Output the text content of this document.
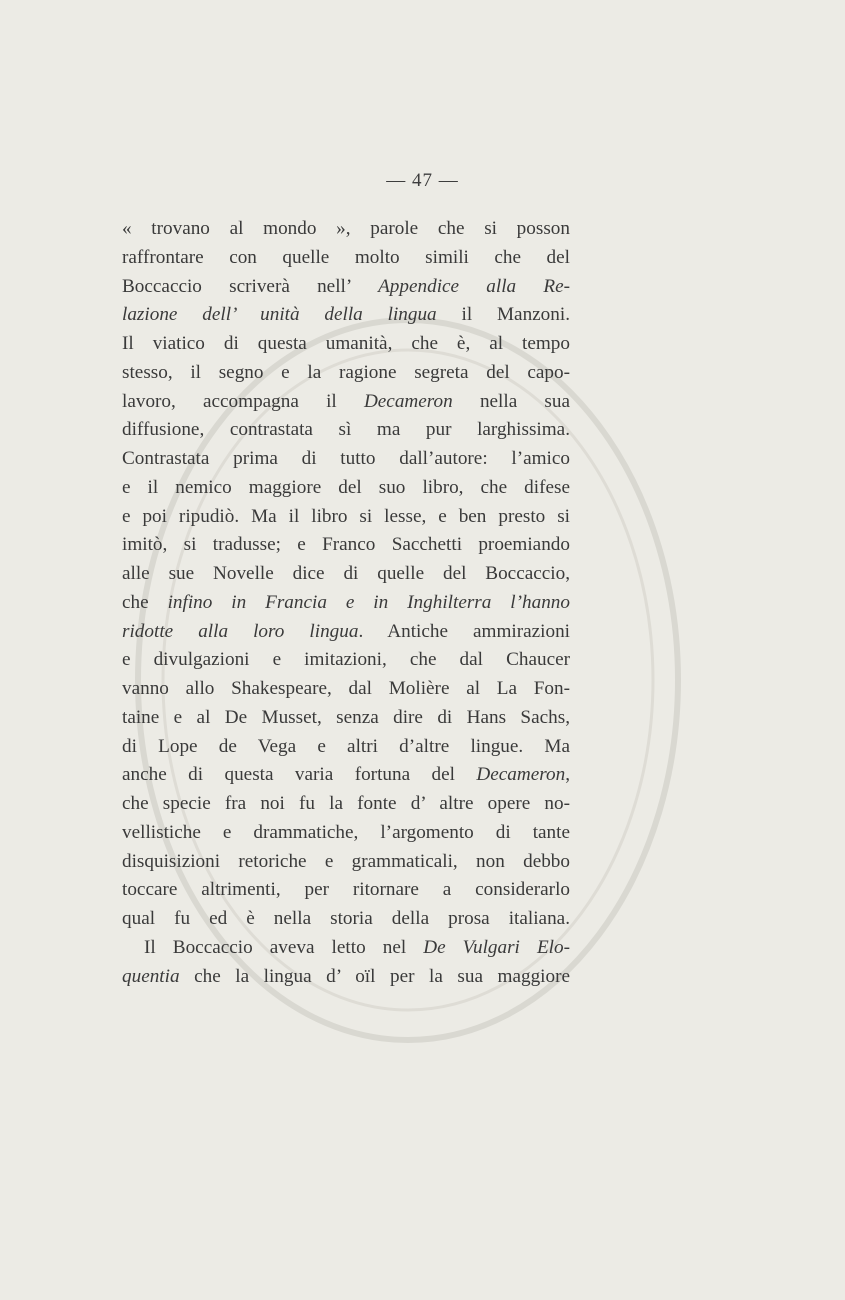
— 47 —
« trovano al mondo », parole che si posson
raffrontare con quelle molto simili che del
Boccaccio scriverà nell’ Appendice alla Re-
lazione dell’ unità della lingua il Manzoni.
Il viatico di questa umanità, che è, al tempo
stesso, il segno e la ragione segreta del capo-
lavoro, accompagna il Decameron nella sua
diffusione, contrastata sì ma pur larghissima.
Contrastata prima di tutto dall’autore: l’amico
e il nemico maggiore del suo libro, che difese
e poi ripudiò. Ma il libro si lesse, e ben presto si
imitò, si tradusse; e Franco Sacchetti proemiando
alle sue Novelle dice di quelle del Boccaccio,
che infino in Francia e in Inghilterra l’hanno
ridotte alla loro lingua. Antiche ammirazioni
e divulgazioni e imitazioni, che dal Chaucer
vanno allo Shakespeare, dal Molière al La Fon-
taine e al De Musset, senza dire di Hans Sachs,
di Lope de Vega e altri d’altre lingue. Ma
anche di questa varia fortuna del Decameron,
che specie fra noi fu la fonte d’ altre opere no-
vellistiche e drammatiche, l’argomento di tante
disquisizioni retoriche e grammaticali, non debbo
toccare altrimenti, per ritornare a considerarlo
qual fu ed è nella storia della prosa italiana.
Il Boccaccio aveva letto nel De Vulgari Elo-
quentia che la lingua d’ oïl per la sua maggiore
